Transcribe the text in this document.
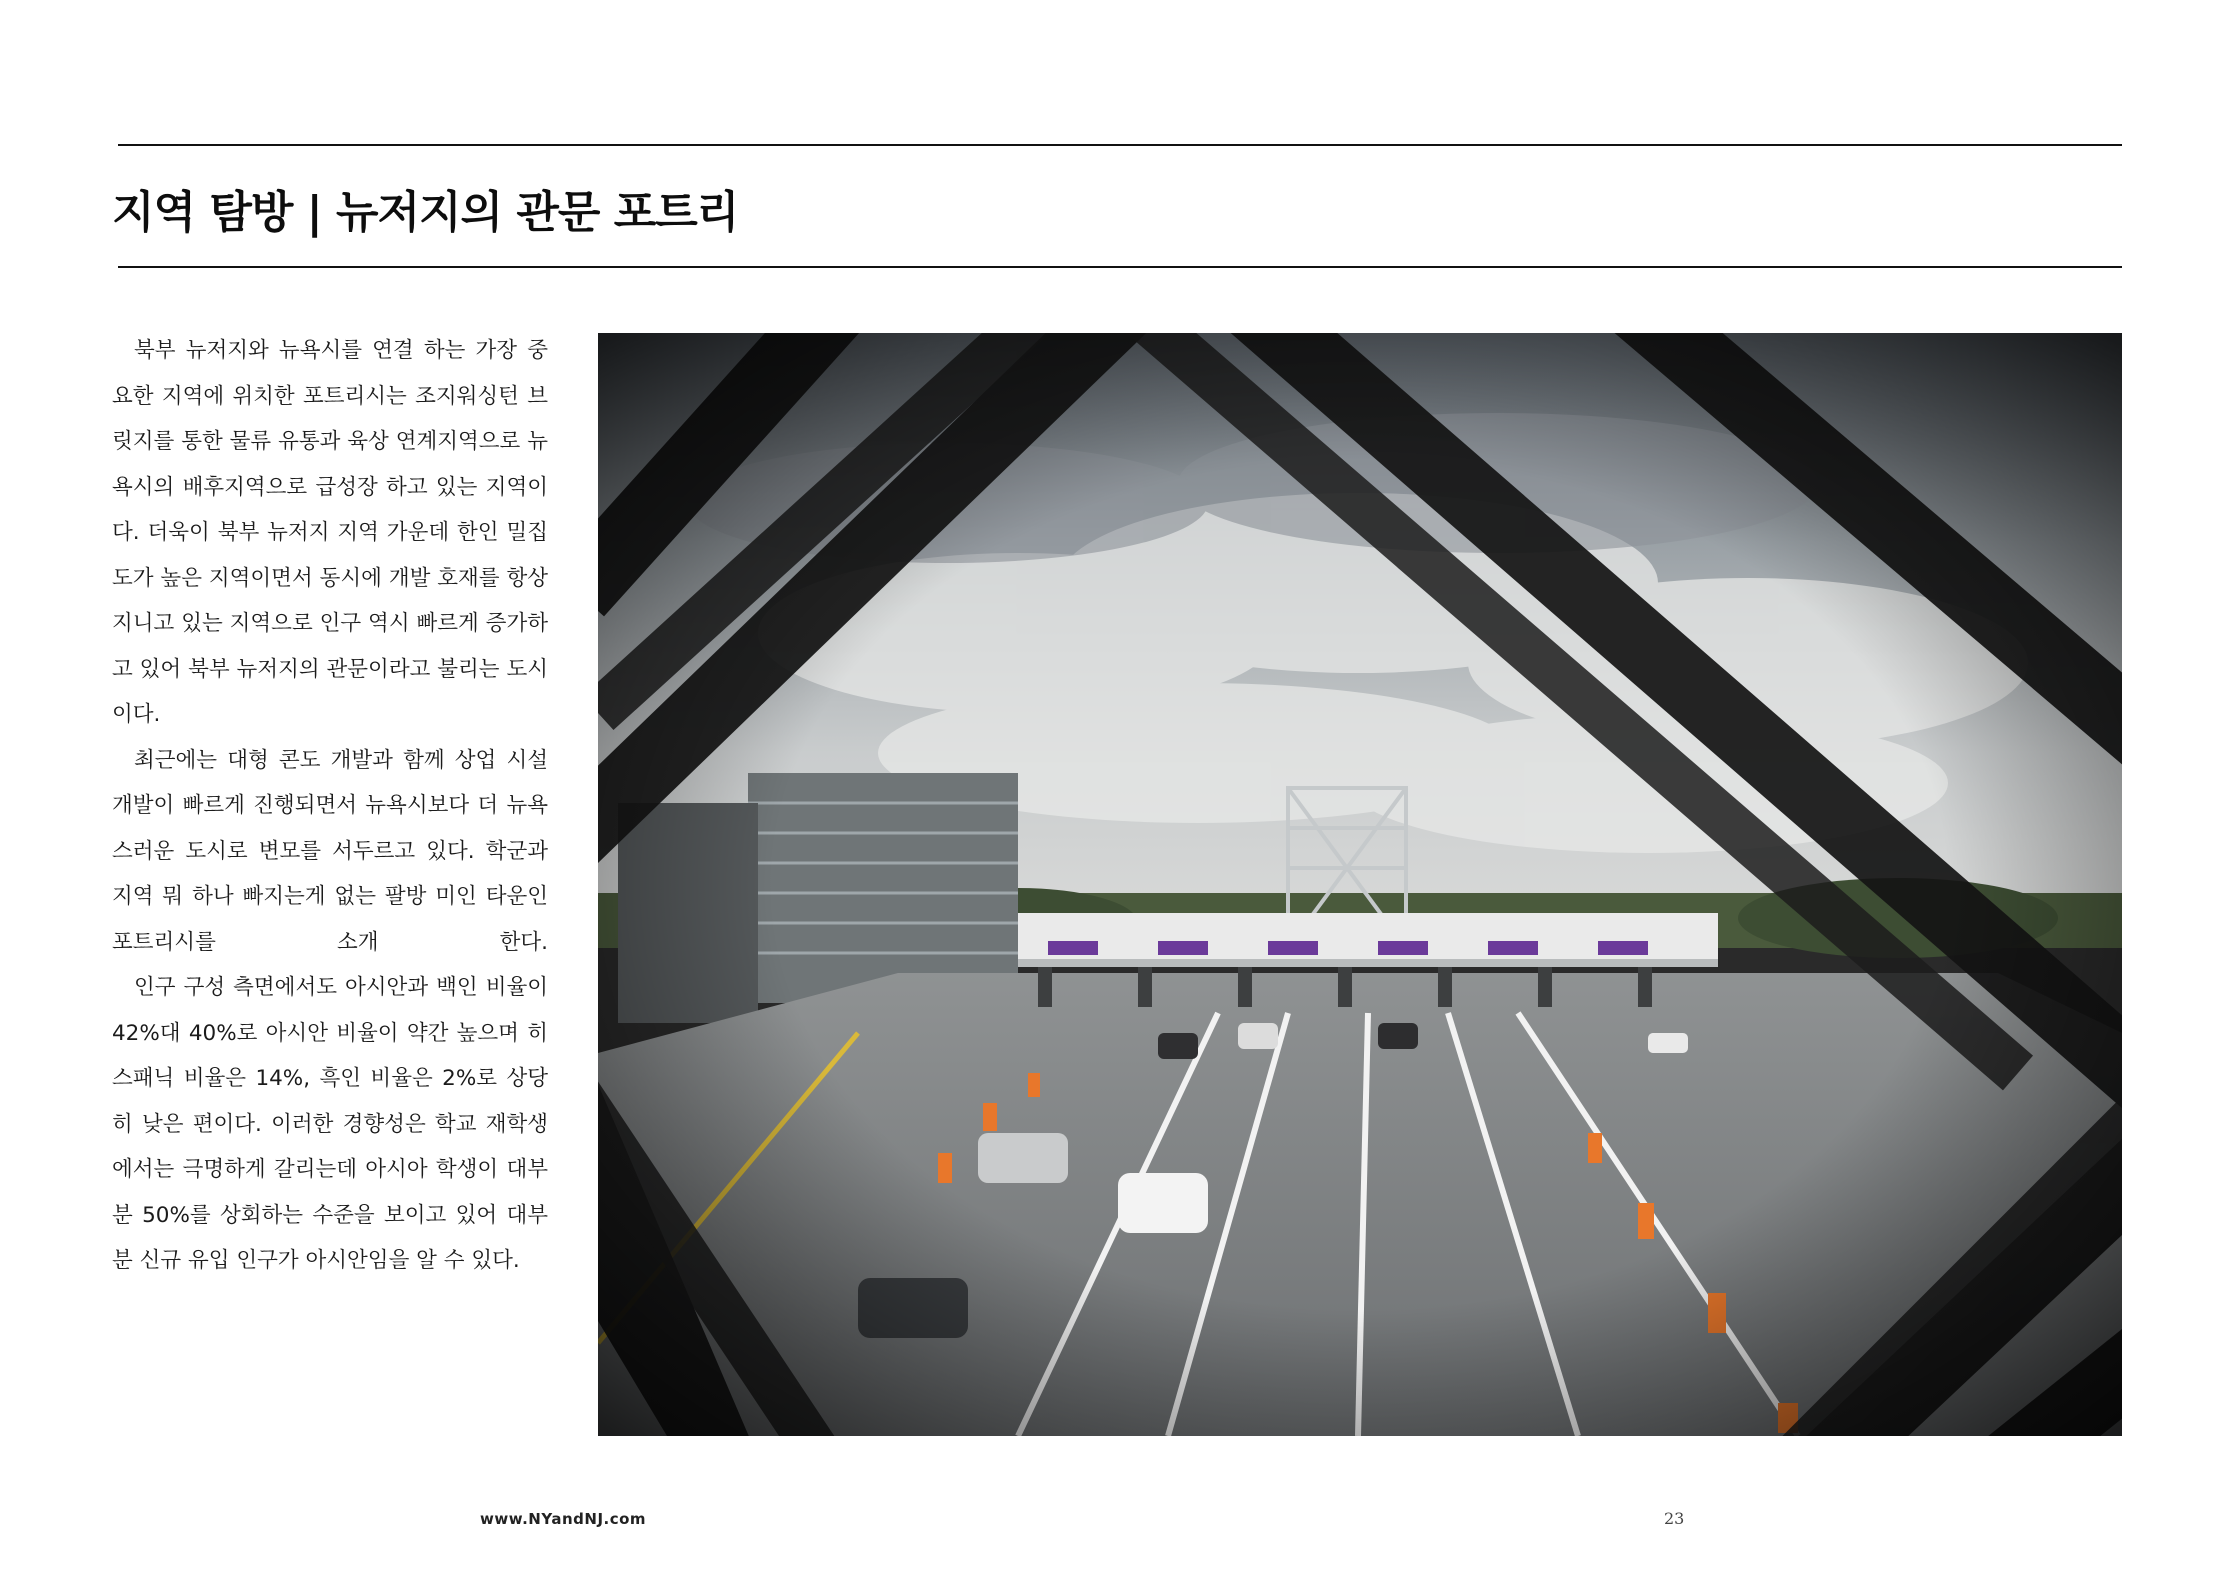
지역 탐방 | 뉴저지의 관문 포트리

북부 뉴저지와 뉴욕시를 연결 하는 가장 중요한 지역에 위치한 포트리시는 조지워싱턴 브릿지를 통한 물류 유통과 육상 연계지역으로 뉴욕시의 배후지역으로 급성장 하고 있는 지역이다. 더욱이 북부 뉴저지 지역 가운데 한인 밀집도가 높은 지역이면서 동시에 개발 호재를 항상 지니고 있는 지역으로 인구 역시 빠르게 증가하고 있어 북부 뉴저지의 관문이라고 불리는 도시이다.

최근에는 대형 콘도 개발과 함께 상업 시설 개발이 빠르게 진행되면서 뉴욕시보다 더 뉴욕 스러운 도시로 변모를 서두르고 있다. 학군과 지역 뭐 하나 빠지는게 없는 팔방 미인 타운인 포트리시를 소개 한다.

인구 구성 측면에서도 아시안과 백인 비율이 42%대 40%로 아시안 비율이 약간 높으며 히스패닉 비율은 14%, 흑인 비율은 2%로 상당히 낮은 편이다. 이러한 경향성은 학교 재학생에서는 극명하게 갈리는데 아시아 학생이 대부분 50%를 상회하는 수준을 보이고 있어 대부분 신규 유입 인구가 아시안임을 알 수 있다.

www.NYandNJ.com	23
